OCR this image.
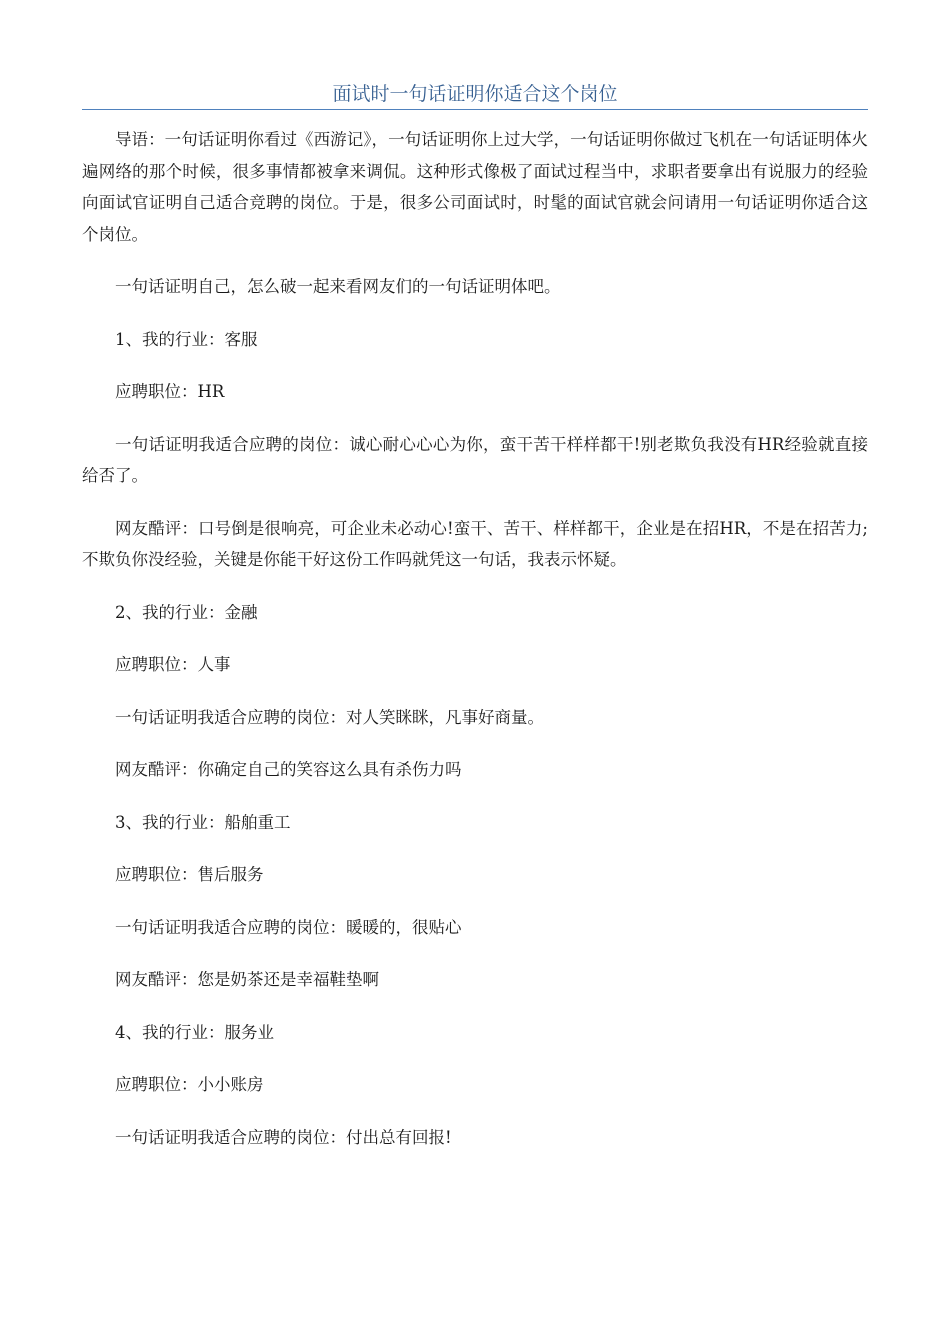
面试时一句话证明你适合这个岗位

导语：一句话证明你看过《西游记》，一句话证明你上过大学，一句话证明你做过飞机在一句话证明体火遍网络的那个时候，很多事情都被拿来调侃。这种形式像极了面试过程当中，求职者要拿出有说服力的经验向面试官证明自己适合竞聘的岗位。于是，很多公司面试时，时髦的面试官就会问请用一句话证明你适合这个岗位。

一句话证明自己，怎么破一起来看网友们的一句话证明体吧。

1、我的行业：客服

应聘职位：HR

一句话证明我适合应聘的岗位：诚心耐心心心为你，蛮干苦干样样都干!别老欺负我没有HR经验就直接给否了。

网友酷评：口号倒是很响亮，可企业未必动心!蛮干、苦干、样样都干，企业是在招HR，不是在招苦力;不欺负你没经验，关键是你能干好这份工作吗就凭这一句话，我表示怀疑。

2、我的行业：金融

应聘职位：人事

一句话证明我适合应聘的岗位：对人笑眯眯，凡事好商量。

网友酷评：你确定自己的笑容这么具有杀伤力吗

3、我的行业：船舶重工

应聘职位：售后服务

一句话证明我适合应聘的岗位：暖暖的，很贴心

网友酷评：您是奶茶还是幸福鞋垫啊

4、我的行业：服务业

应聘职位：小小账房

一句话证明我适合应聘的岗位：付出总有回报!
